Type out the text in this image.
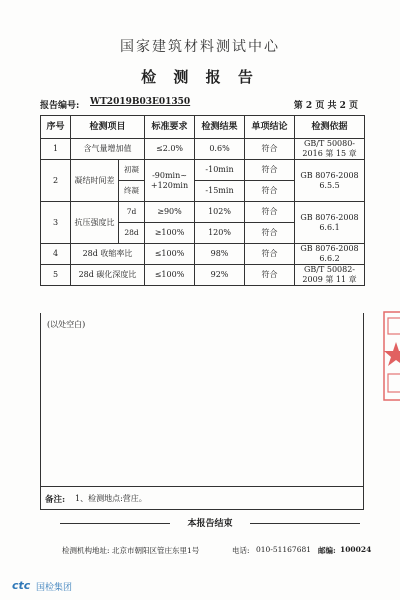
国家建筑材料测试中心
检 测 报 告
报告编号: WT2019B03E01350	第 2 页 共 2 页
序号	检测项目		标准要求	检测结果	单项结论	检测依据
1	含气量增加值		≤2.0%	0.6%	符合	GB/T 50080-2016 第 15 章
2	凝结时间差	初凝	-90min~ +120min	-10min	符合	GB 8076-2008 6.5.5
		终凝		-15min	符合	
3	抗压强度比	7d	≥90%	102%	符合	GB 8076-2008 6.6.1
		28d	≥100%	120%	符合	
4	28d 收缩率比		≤100%	98%	符合	GB 8076-2008 6.6.2
5	28d 碳化深度比		≤100%	92%	符合	GB/T 50082-2009 第 11 章
(以处空白)
备注: 1、检测地点:营庄。
本报告结束
检测机构地址: 北京市朝阳区管庄东里1号	电话: 010-51167681 邮编: 100024
ctc 国检集团
